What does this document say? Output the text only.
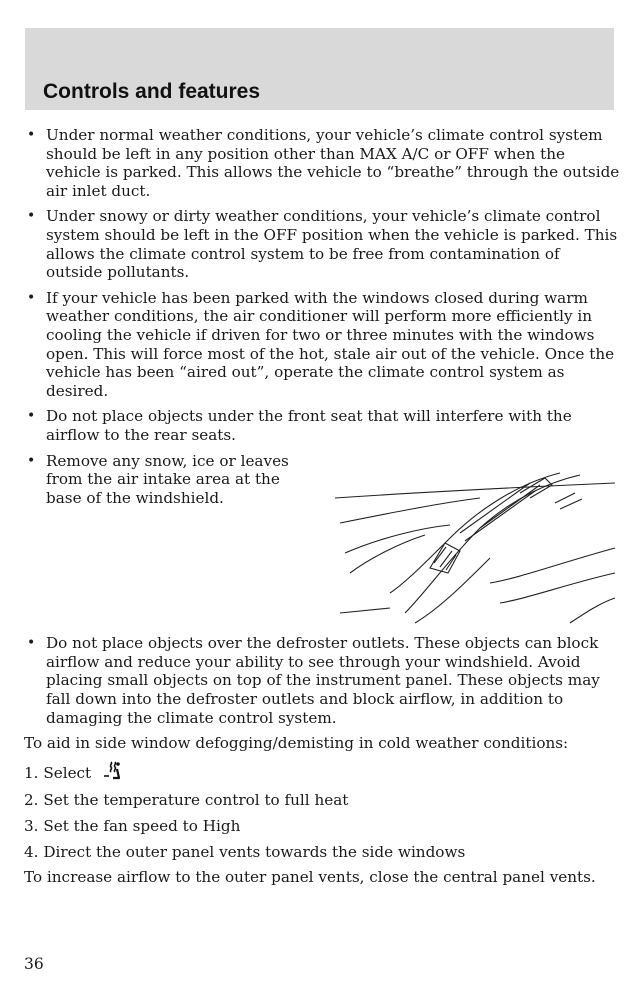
Controls and features
• Under normal weather conditions, your vehicle’s climate control system should be left in any position other than MAX A/C or OFF when the vehicle is parked. This allows the vehicle to “breathe” through the outside air inlet duct.
• Under snowy or dirty weather conditions, your vehicle’s climate control system should be left in the OFF position when the vehicle is parked. This allows the climate control system to be free from contamination of outside pollutants.
• If your vehicle has been parked with the windows closed during warm weather conditions, the air conditioner will perform more efficiently in cooling the vehicle if driven for two or three minutes with the windows open. This will force most of the hot, stale air out of the vehicle. Once the vehicle has been “aired out”, operate the climate control system as desired.
• Do not place objects under the front seat that will interfere with the airflow to the rear seats.
• Remove any snow, ice or leaves from the air intake area at the base of the windshield.
• Do not place objects over the defroster outlets. These objects can block airflow and reduce your ability to see through your windshield. Avoid placing small objects on top of the instrument panel. These objects may fall down into the defroster outlets and block airflow, in addition to damaging the climate control system.
To aid in side window defogging/demisting in cold weather conditions:
1. Select
2. Set the temperature control to full heat
3. Set the fan speed to High
4. Direct the outer panel vents towards the side windows
To increase airflow to the outer panel vents, close the central panel vents.
36
